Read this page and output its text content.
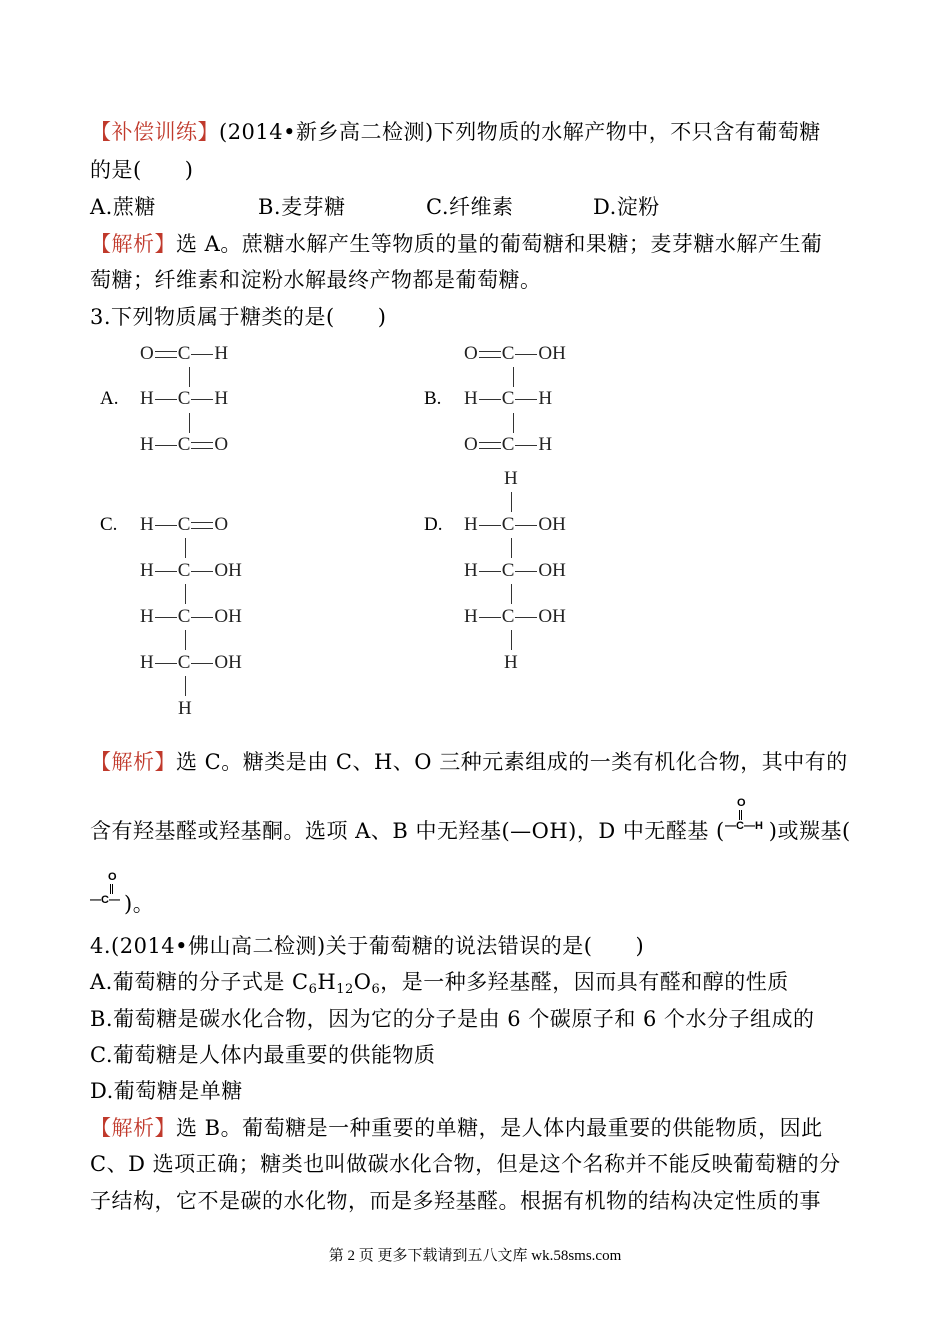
【补偿训练】(2014•新乡高二检测)下列物质的水解产物中，不只含有葡萄糖
的是(　　)
A.蔗糖	B.麦芽糖	C.纤维素	D.淀粉
【解析】选 A。蔗糖水解产生等物质的量的葡萄糖和果糖；麦芽糖水解产生葡
萄糖；纤维素和淀粉水解最终产物都是葡萄糖。
3.下列物质属于糖类的是(　　)
A.
O C H
H C H
H C O
B.
O C OH
H C H
O C H
C. H C O
H C OH
H C OH
H C OH
H
D.
H
H C OH
H C OH
H C OH
H
【解析】选 C。糖类是由 C、H、O 三种元素组成的一类有机化合物，其中有的
含有羟基醛或羟基酮。选项 A、B 中无羟基(—OH)，D 中无醛基 ( )或羰基(
O
—C—H
O
—C— )。
4.(2014•佛山高二检测)关于葡萄糖的说法错误的是(　　)
A.葡萄糖的分子式是 $C_6H_{12}O_6$，是一种多羟基醛，因而具有醛和醇的性质
B.葡萄糖是碳水化合物，因为它的分子是由 6 个碳原子和 6 个水分子组成的
C.葡萄糖是人体内最重要的供能物质
D.葡萄糖是单糖
【解析】选 B。葡萄糖是一种重要的单糖，是人体内最重要的供能物质，因此
C、D 选项正确；糖类也叫做碳水化合物，但是这个名称并不能反映葡萄糖的分
子结构，它不是碳的水化物，而是多羟基醛。根据有机物的结构决定性质的事
第 2 页 更多下载请到五八文库 wk.58sms.com
